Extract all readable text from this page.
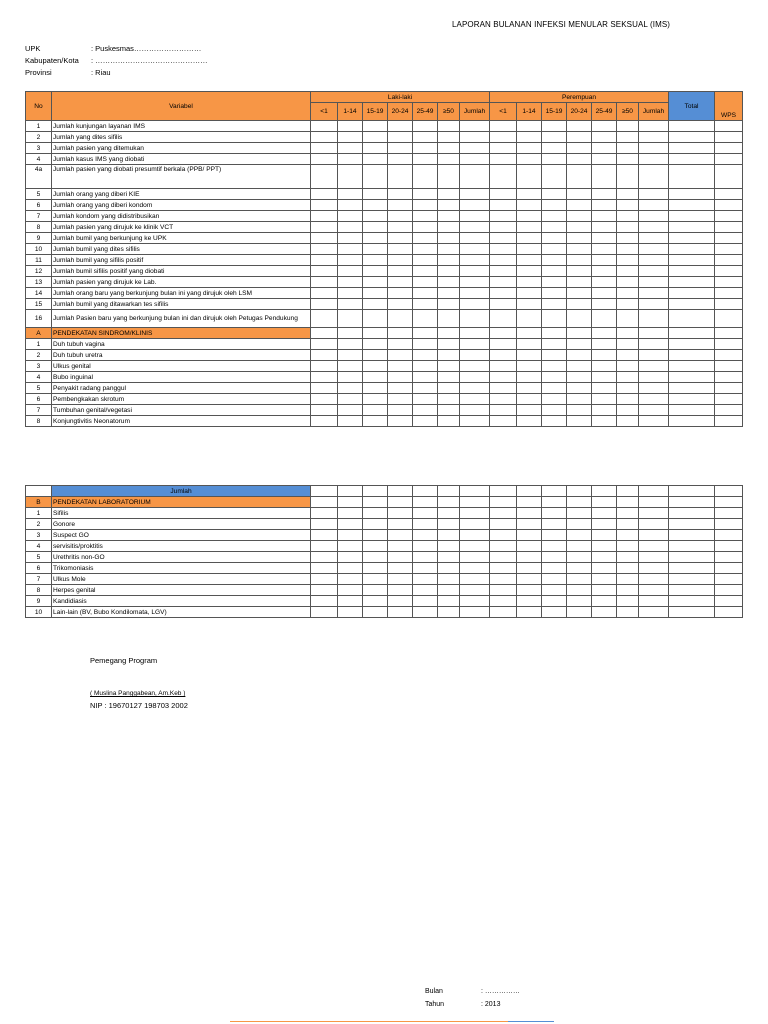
LAPORAN BULANAN INFEKSI MENULAR SEKSUAL (IMS)
UPK	: Puskesmas………………………
Kabupaten/Kota : ………………………………………
Provinsi	: Riau
No	Variabel	Laki-laki							Perempuan							Total	WPS
		<1	1-14	15-19	20-24	25-49	≥50	Jumlah	<1	1-14	15-19	20-24	25-49	≥50	Jumlah		
1	Jumlah kunjungan layanan IMS																
2	Jumlah yang dites sifilis																
3	Jumlah pasien yang ditemukan																
4	Jumlah kasus IMS yang diobati																
4a	Jumlah pasien yang diobati presumtif berkala (PPB/ PPT)																
5	Jumlah orang yang diberi KIE																
6	Jumlah orang yang diberi kondom																
7	Jumlah kondom yang didistribusikan																
8	Jumlah pasien yang dirujuk ke klinik VCT																
9	Jumlah bumil yang berkunjung ke UPK																
10	Jumlah bumil yang dites sifilis																
11	Jumlah bumil yang sifilis positif																
12	Jumlah bumil sifilis positif yang diobati																
13	Jumlah pasien yang dirujuk ke Lab.																
14	Jumlah orang baru yang berkunjung bulan ini yang dirujuk oleh LSM																
15	Jumlah bumil yang ditawarkan tes sifilis																
16	Jumlah Pasien baru yang berkunjung bulan ini dan dirujuk oleh Petugas Pendukung																
A	PENDEKATAN SINDROM/KLINIS																
1	Duh tubuh vagina																
2	Duh tubuh uretra																
3	Ulkus genital																
4	Bubo inguinal																
5	Penyakit radang panggul																
6	Pembengkakan skrotum																
7	Tumbuhan genital/vegetasi																
8	Konjungtivitis Neonatorum																
	Jumlah																
B	PENDEKATAN LABORATORIUM																
1	Sifilis																
2	Gonore																
3	Suspect GO																
4	servisitis/proktitis																
5	Urethritis non-GO																
6	Trikomoniasis																
7	Ulkus Mole																
8	Herpes genital																
9	Kandidiasis																
10	Lain-lain (BV, Bubo Kondilomata, LGV)																
Pemegang Program
( Muslina Panggabean, Am.Keb )
NIP : 19670127 198703 2002
Bulan	: ……………
Tahun	: 2013
